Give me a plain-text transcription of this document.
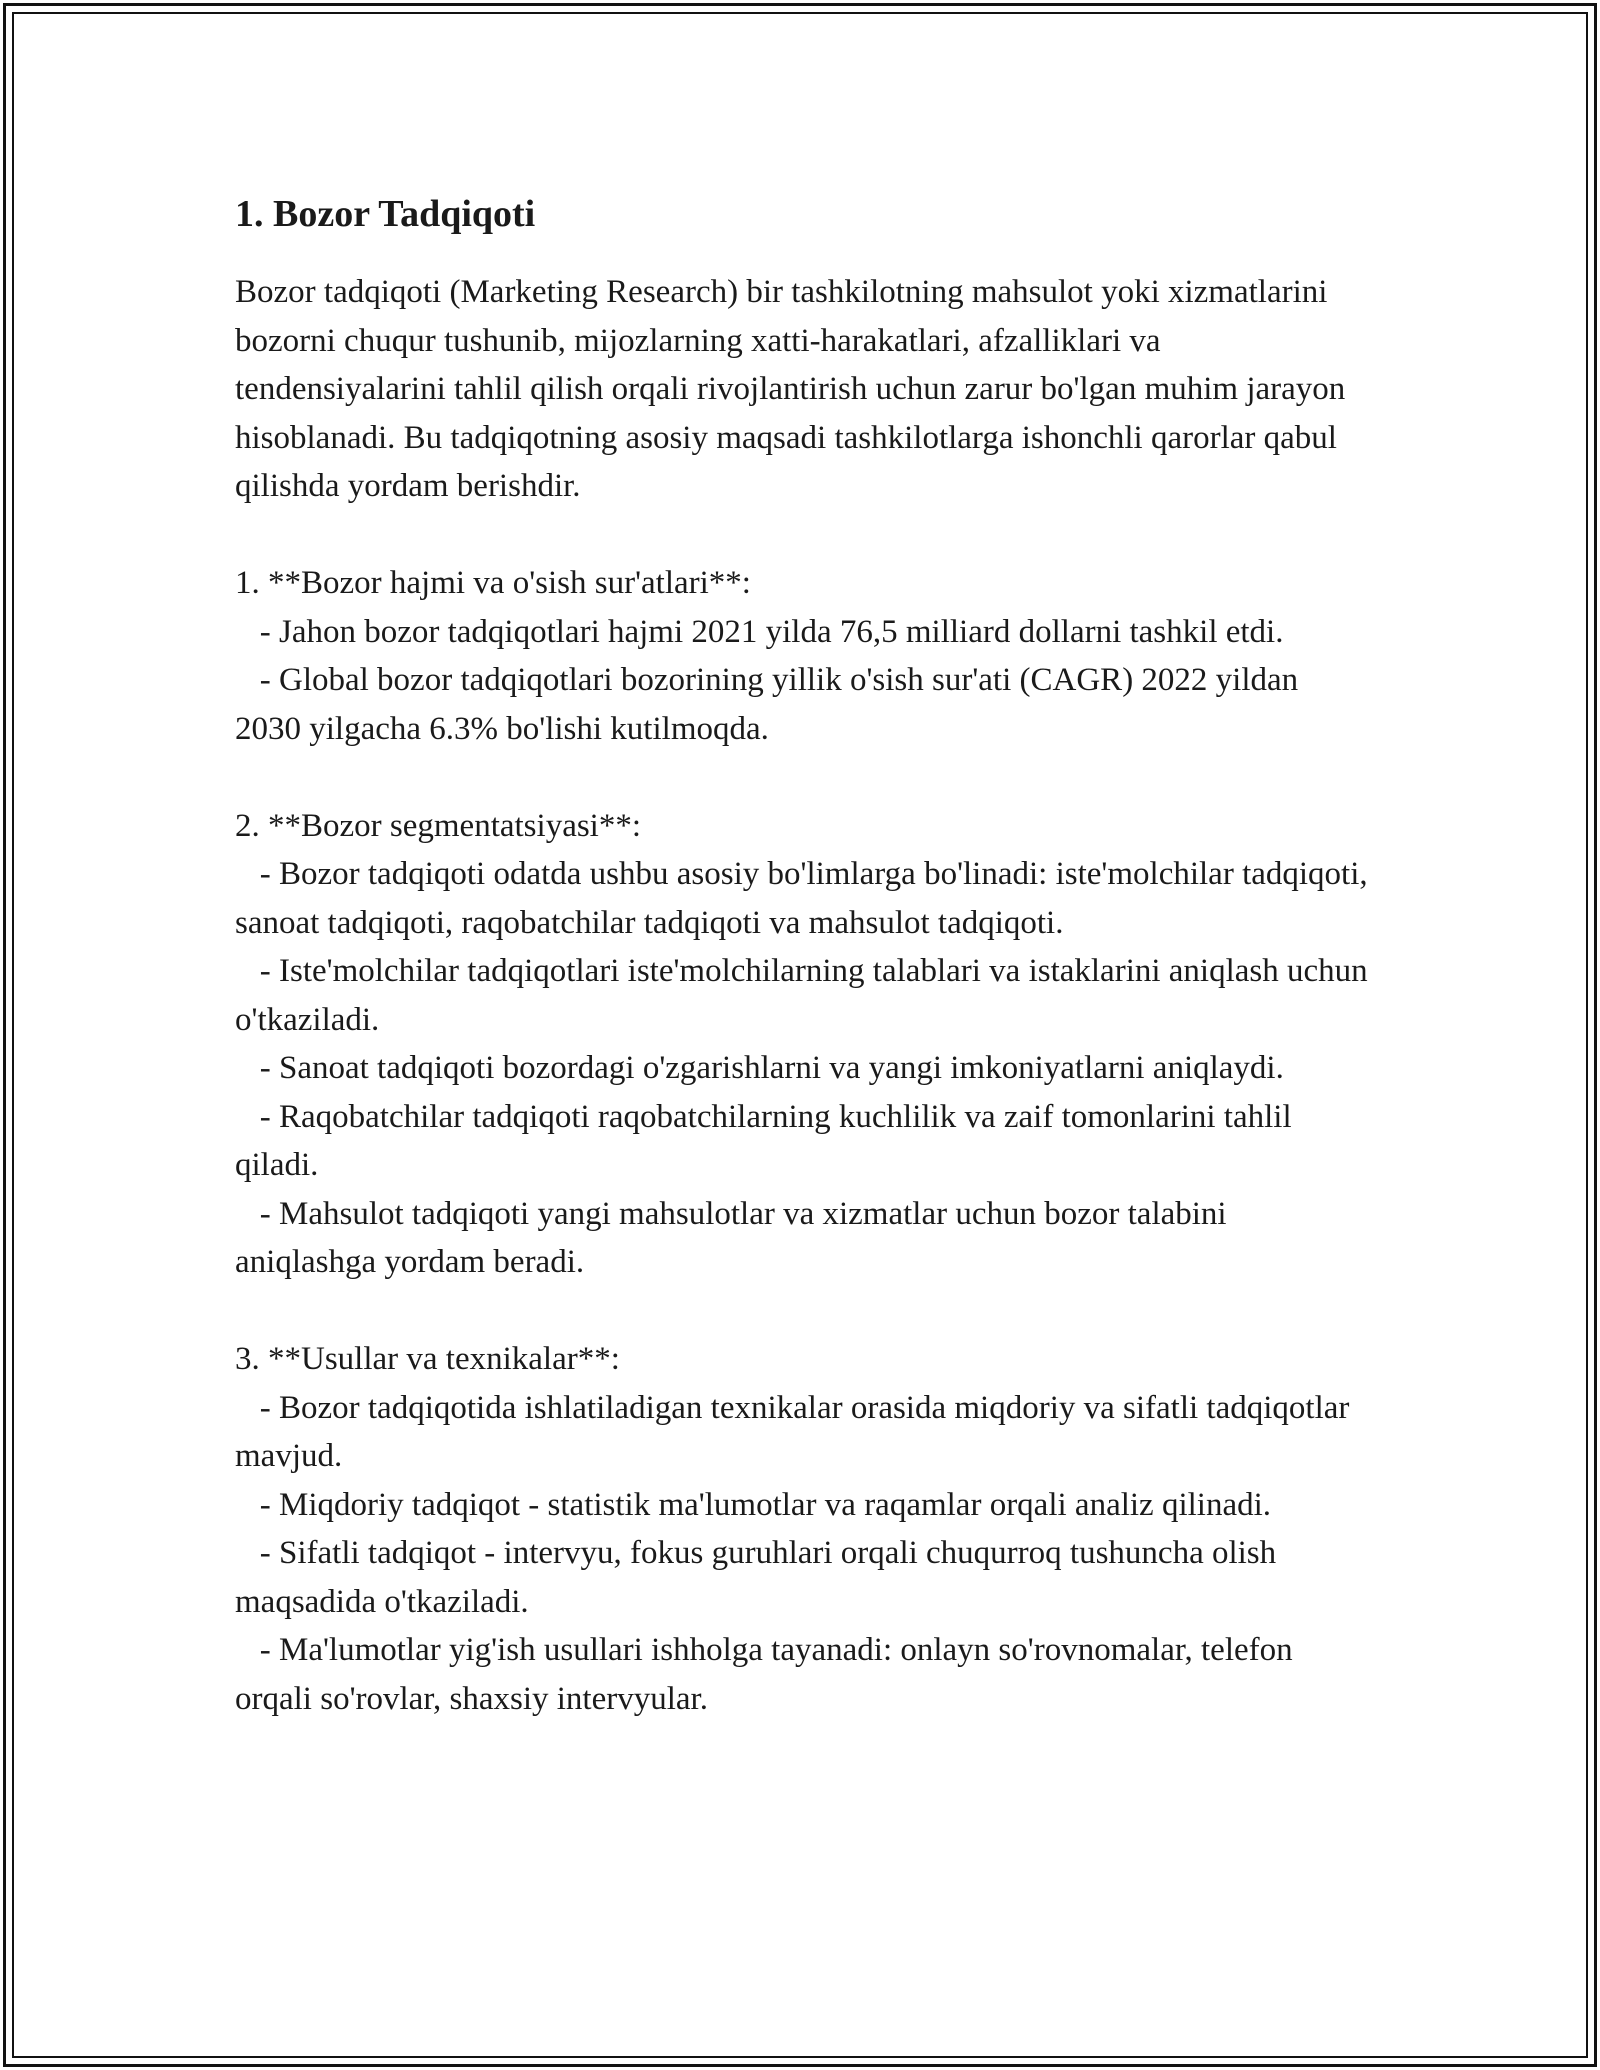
1. Bozor Tadqiqoti

Bozor tadqiqoti (Marketing Research) bir tashkilotning mahsulot yoki xizmatlarini bozorni chuqur tushunib, mijozlarning xatti-harakatlari, afzalliklari va tendensiyalarini tahlil qilish orqali rivojlantirish uchun zarur bo'lgan muhim jarayon hisoblanadi. Bu tadqiqotning asosiy maqsadi tashkilotlarga ishonchli qarorlar qabul qilishda yordam berishdir.

1. **Bozor hajmi va o'sish sur'atlari**:

- Jahon bozor tadqiqotlari hajmi 2021 yilda 76,5 milliard dollarni tashkil etdi.

- Global bozor tadqiqotlari bozorining yillik o'sish sur'ati (CAGR) 2022 yildan 2030 yilgacha 6.3% bo'lishi kutilmoqda.

2. **Bozor segmentatsiyasi**:

- Bozor tadqiqoti odatda ushbu asosiy bo'limlarga bo'linadi: iste'molchilar tadqiqoti, sanoat tadqiqoti, raqobatchilar tadqiqoti va mahsulot tadqiqoti.

- Iste'molchilar tadqiqotlari iste'molchilarning talablari va istaklarini aniqlash uchun o'tkaziladi.

- Sanoat tadqiqoti bozordagi o'zgarishlarni va yangi imkoniyatlarni aniqlaydi.

- Raqobatchilar tadqiqoti raqobatchilarning kuchlilik va zaif tomonlarini tahlil qiladi.

- Mahsulot tadqiqoti yangi mahsulotlar va xizmatlar uchun bozor talabini aniqlashga yordam beradi.

3. **Usullar va texnikalar**:

- Bozor tadqiqotida ishlatiladigan texnikalar orasida miqdoriy va sifatli tadqiqotlar mavjud.

- Miqdoriy tadqiqot - statistik ma'lumotlar va raqamlar orqali analiz qilinadi.

- Sifatli tadqiqot - intervyu, fokus guruhlari orqali chuqurroq tushuncha olish maqsadida o'tkaziladi.

- Ma'lumotlar yig'ish usullari ishholga tayanadi: onlayn so'rovnomalar, telefon orqali so'rovlar, shaxsiy intervyular.
